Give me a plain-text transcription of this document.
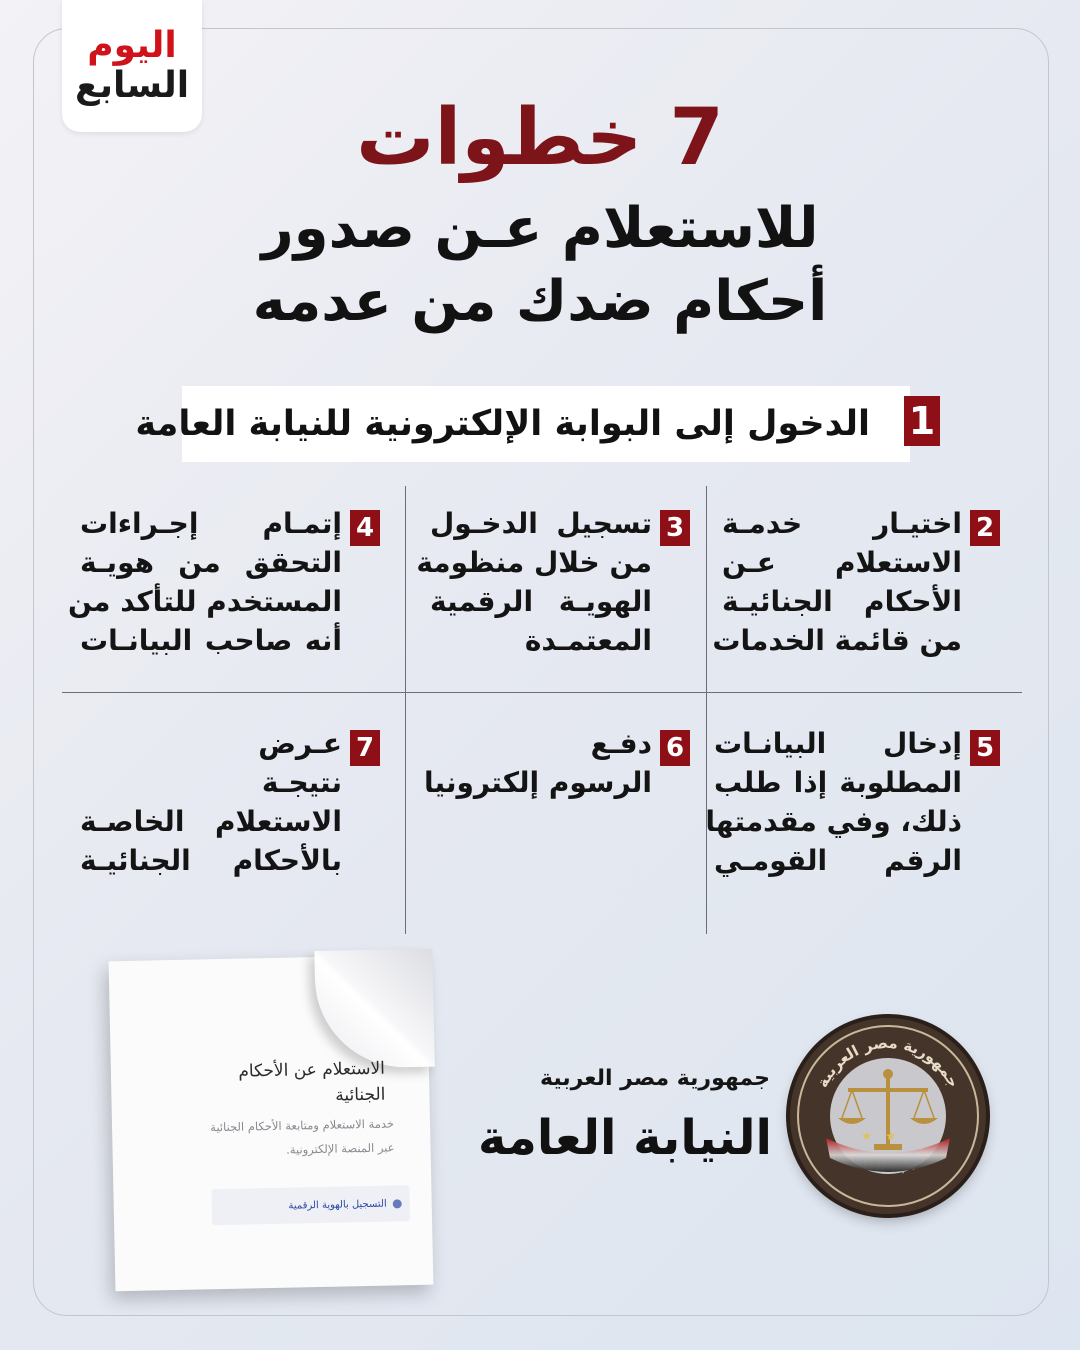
اليوم
السابع
7 خطوات
للاستعلام عـن صدور
أحكام ضدك من عدمه
1
الدخول إلى البوابة الإلكترونية للنيابة العامة
2
اختيـار خدمـة
الاستعلام عـن
الأحكام الجنائيـة
من قائمة الخدمات
3
تسجيل الدخـول
من خلال منظومة
الهويـة الرقمية
المعتمـدة
4
إتمـام إجـراءات
التحقق من هويـة
المستخدم للتأكد من
أنه صاحب البيانـات
5
إدخال البيانـات
المطلوبة إذا طلب
ذلك، وفي مقدمتها
الرقم القومـي
6
دفـع
الرسوم إلكترونيا
7
عـرض
نتيجـة
الاستعلام الخاصـة
بالأحكام الجنائيـة
الاستعلام عن الأحكام
الجنائية
خدمة الاستعلام ومتابعة الأحكام الجنائية
عبر المنصة الإلكترونية.
التسجيل بالهوية الرقمية
جمهورية مصر العربية
النيابة العامة
جمهورية مصر العربية
★ ★
